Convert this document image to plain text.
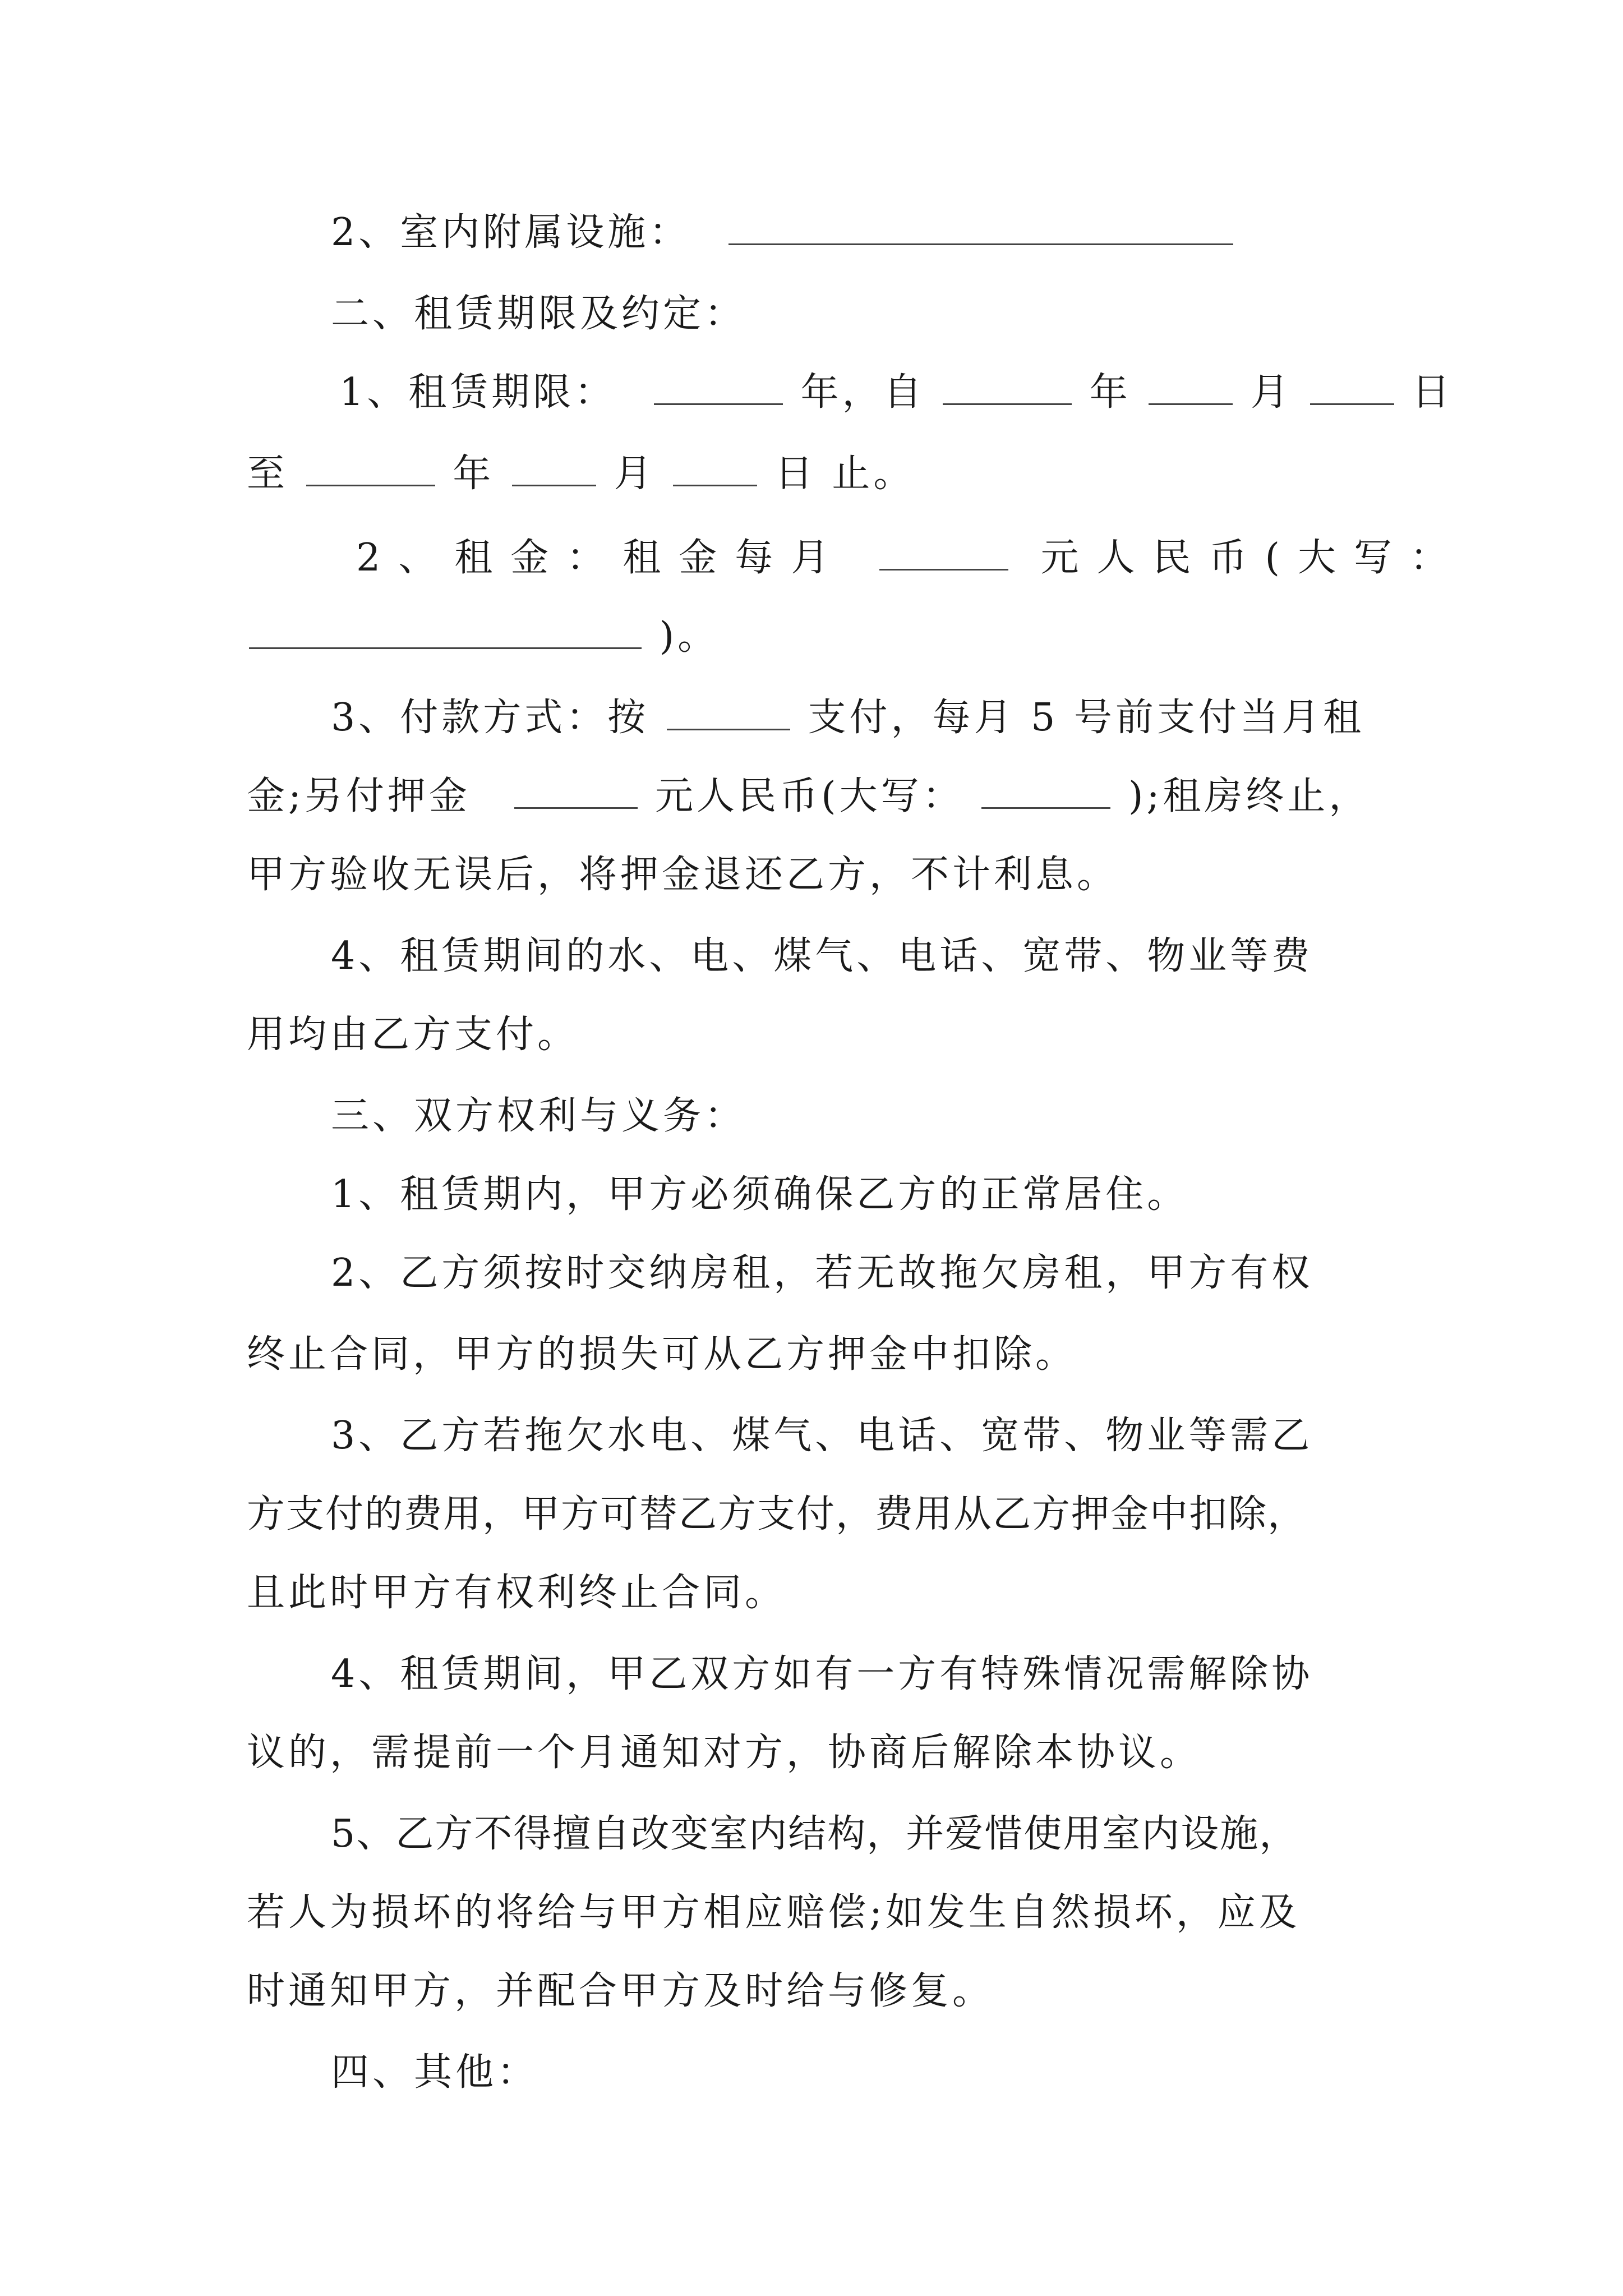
2、室内附属设施：
二、租赁期限及约定：
1、租赁期限：	年，自	年	月	日
至	年	月	日 止。
2、租金：租金每月	元人民币(大写：
)。
3、付款方式：按	支付，每月 5 号前支付当月租
金;另付押金	元人民币(大写：	);租房终止，
甲方验收无误后，将押金退还乙方，不计利息。
4、租赁期间的水、电、煤气、电话、宽带、物业等费
用均由乙方支付。
三、双方权利与义务：
1、租赁期内，甲方必须确保乙方的正常居住。
2、乙方须按时交纳房租，若无故拖欠房租，甲方有权
终止合同，甲方的损失可从乙方押金中扣除。
3、乙方若拖欠水电、煤气、电话、宽带、物业等需乙
方支付的费用，甲方可替乙方支付，费用从乙方押金中扣除，
且此时甲方有权利终止合同。
4、租赁期间，甲乙双方如有一方有特殊情况需解除协
议的，需提前一个月通知对方，协商后解除本协议。
5、乙方不得擅自改变室内结构，并爱惜使用室内设施，
若人为损坏的将给与甲方相应赔偿;如发生自然损坏，应及
时通知甲方，并配合甲方及时给与修复。
四、其他：
